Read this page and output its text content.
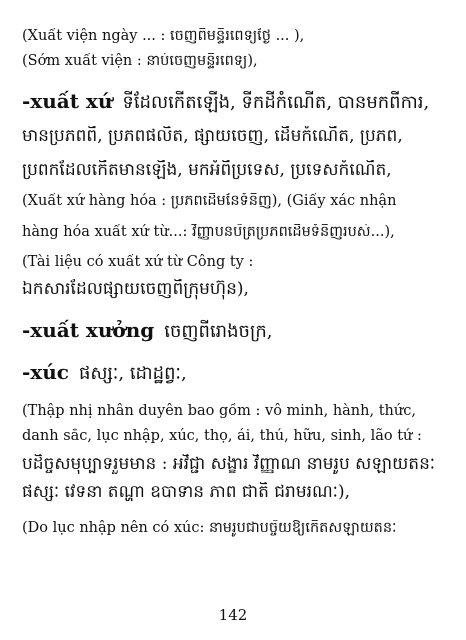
(Xuất viện ngày ... : ចេញពីមន្ទីរពេទ្យថ្ងៃ ... ),
(Sớm xuất viện : នាប់ចេញមន្ទីរពេទ្យ),
-xuất xứ ទីដែលកើតឡើង, ទីកដីកំណើត, បានមកពីការ,
មានប្រភពពី, ប្រភពផលិត, ផ្សាយចេញ, ដើមកំណើត, ប្រភព,
ប្រពកដែលកើតមានឡើង, មកអំពីប្រទេស, ប្រទេសកំណើត,
(Xuất xứ hàng hóa : ប្រភពដើមនៃទំនិញ), (Giấy xác nhận
hàng hóa xuất xứ từ...: វិញ្ញាបនប័ត្រប្រភពដើមទំនិញរបស់...),
(Tài liệu có xuất xứ từ Công ty :
ឯកសារដែលផ្សាយចេញពីក្រុមហ៊ុន),
-xuất xưởng ចេញពីរោងចក្រ,
-xúc ផស្សៈ, ដោដ្ឋព្វៈ,
(Thập nhị nhân duyên bao gồm : vô minh, hành, thức,
danh sắc, lục nhập, xúc, thọ, ái, thủ, hữu, sinh, lão tử :
បដិច្ចសមុប្បាទរួមមាន : អវិជ្ជា សង្ខារ វិញ្ញាណ នាមរូប សឡាយតនៈ
ផស្សៈ វេទនា តណ្ហា ឧបាទាន ភាព ជាតិ ជរាមរណៈ),
(Do lục nhập nên có xúc: នាមរូបជាបច្ច័យឱ្យកើតសឡាយតនៈ
142
